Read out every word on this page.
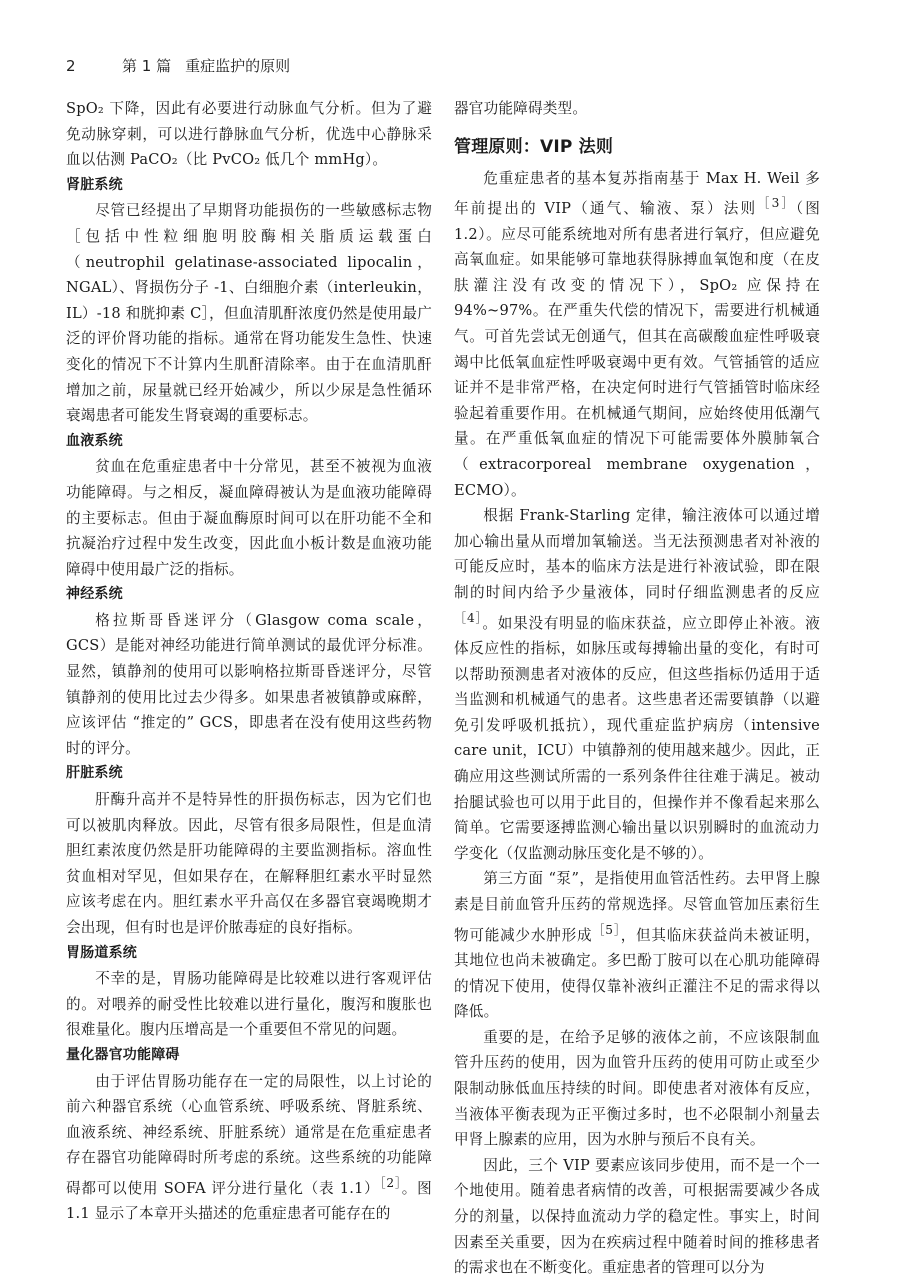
2	第 1 篇 重症监护的原则

SpO₂ 下降，因此有必要进行动脉血气分析。但为了避免动脉穿刺，可以进行静脉血气分析，优选中心静脉采血以估测 PaCO₂（比 PvCO₂ 低几个 mmHg）。

肾脏系统

尽管已经提出了早期肾功能损伤的一些敏感标志物［包括中性粒细胞明胶酶相关脂质运载蛋白（neutrophil gelatinase-associated lipocalin，NGAL）、肾损伤分子 -1、白细胞介素（interleukin，IL）-18 和胱抑素 C］，但血清肌酐浓度仍然是使用最广泛的评价肾功能的指标。通常在肾功能发生急性、快速变化的情况下不计算内生肌酐清除率。由于在血清肌酐增加之前，尿量就已经开始减少，所以少尿是急性循环衰竭患者可能发生肾衰竭的重要标志。

血液系统

贫血在危重症患者中十分常见，甚至不被视为血液功能障碍。与之相反，凝血障碍被认为是血液功能障碍的主要标志。但由于凝血酶原时间可以在肝功能不全和抗凝治疗过程中发生改变，因此血小板计数是血液功能障碍中使用最广泛的指标。

神经系统

格拉斯哥昏迷评分（Glasgow coma scale，GCS）是能对神经功能进行简单测试的最优评分标准。显然，镇静剂的使用可以影响格拉斯哥昏迷评分，尽管镇静剂的使用比过去少得多。如果患者被镇静或麻醉，应该评估 “推定的” GCS，即患者在没有使用这些药物时的评分。

肝脏系统

肝酶升高并不是特异性的肝损伤标志，因为它们也可以被肌肉释放。因此，尽管有很多局限性，但是血清胆红素浓度仍然是肝功能障碍的主要监测指标。溶血性贫血相对罕见，但如果存在，在解释胆红素水平时显然应该考虑在内。胆红素水平升高仅在多器官衰竭晚期才会出现，但有时也是评价脓毒症的良好指标。

胃肠道系统

不幸的是，胃肠功能障碍是比较难以进行客观评估的。对喂养的耐受性比较难以进行量化，腹泻和腹胀也很难量化。腹内压增高是一个重要但不常见的问题。

量化器官功能障碍

由于评估胃肠功能存在一定的局限性，以上讨论的前六种器官系统（心血管系统、呼吸系统、肾脏系统、血液系统、神经系统、肝脏系统）通常是在危重症患者存在器官功能障碍时所考虑的系统。这些系统的功能障碍都可以使用 SOFA 评分进行量化（表 1.1）$^{[2]}$。图 1.1 显示了本章开头描述的危重症患者可能存在的

器官功能障碍类型。

管理原则：VIP 法则

危重症患者的基本复苏指南基于 Max H. Weil 多年前提出的 VIP（通气、输液、泵）法则$^{[3]}$（图 1.2）。应尽可能系统地对所有患者进行氧疗，但应避免高氧血症。如果能够可靠地获得脉搏血氧饱和度（在皮肤灌注没有改变的情况下），SpO₂ 应保持在 94%~97%。在严重失代偿的情况下，需要进行机械通气。可首先尝试无创通气，但其在高碳酸血症性呼吸衰竭中比低氧血症性呼吸衰竭中更有效。气管插管的适应证并不是非常严格，在决定何时进行气管插管时临床经验起着重要作用。在机械通气期间，应始终使用低潮气量。在严重低氧血症的情况下可能需要体外膜肺氧合（extracorporeal membrane oxygenation，ECMO）。

根据 Frank-Starling 定律，输注液体可以通过增加心输出量从而增加氧输送。当无法预测患者对补液的可能反应时，基本的临床方法是进行补液试验，即在限制的时间内给予少量液体，同时仔细监测患者的反应$^{[4]}$。如果没有明显的临床获益，应立即停止补液。液体反应性的指标，如脉压或每搏输出量的变化，有时可以帮助预测患者对液体的反应，但这些指标仍适用于适当监测和机械通气的患者。这些患者还需要镇静（以避免引发呼吸机抵抗），现代重症监护病房（intensive care unit，ICU）中镇静剂的使用越来越少。因此，正确应用这些测试所需的一系列条件往往难于满足。被动抬腿试验也可以用于此目的，但操作并不像看起来那么简单。它需要逐搏监测心输出量以识别瞬时的血流动力学变化（仅监测动脉压变化是不够的）。

第三方面 “泵”，是指使用血管活性药。去甲肾上腺素是目前血管升压药的常规选择。尽管血管加压素衍生物可能减少水肿形成$^{[5]}$，但其临床获益尚未被证明，其地位也尚未被确定。多巴酚丁胺可以在心肌功能障碍的情况下使用，使得仅靠补液纠正灌注不足的需求得以降低。

重要的是，在给予足够的液体之前，不应该限制血管升压药的使用，因为血管升压药的使用可防止或至少限制动脉低血压持续的时间。即使患者对液体有反应，当液体平衡表现为正平衡过多时，也不必限制小剂量去甲肾上腺素的应用，因为水肿与预后不良有关。

因此，三个 VIP 要素应该同步使用，而不是一个一个地使用。随着患者病情的改善，可根据需要减少各成分的剂量，以保持血流动力学的稳定性。事实上，时间因素至关重要，因为在疾病过程中随着时间的推移患者的需求也在不断变化。重症患者的管理可以分为
